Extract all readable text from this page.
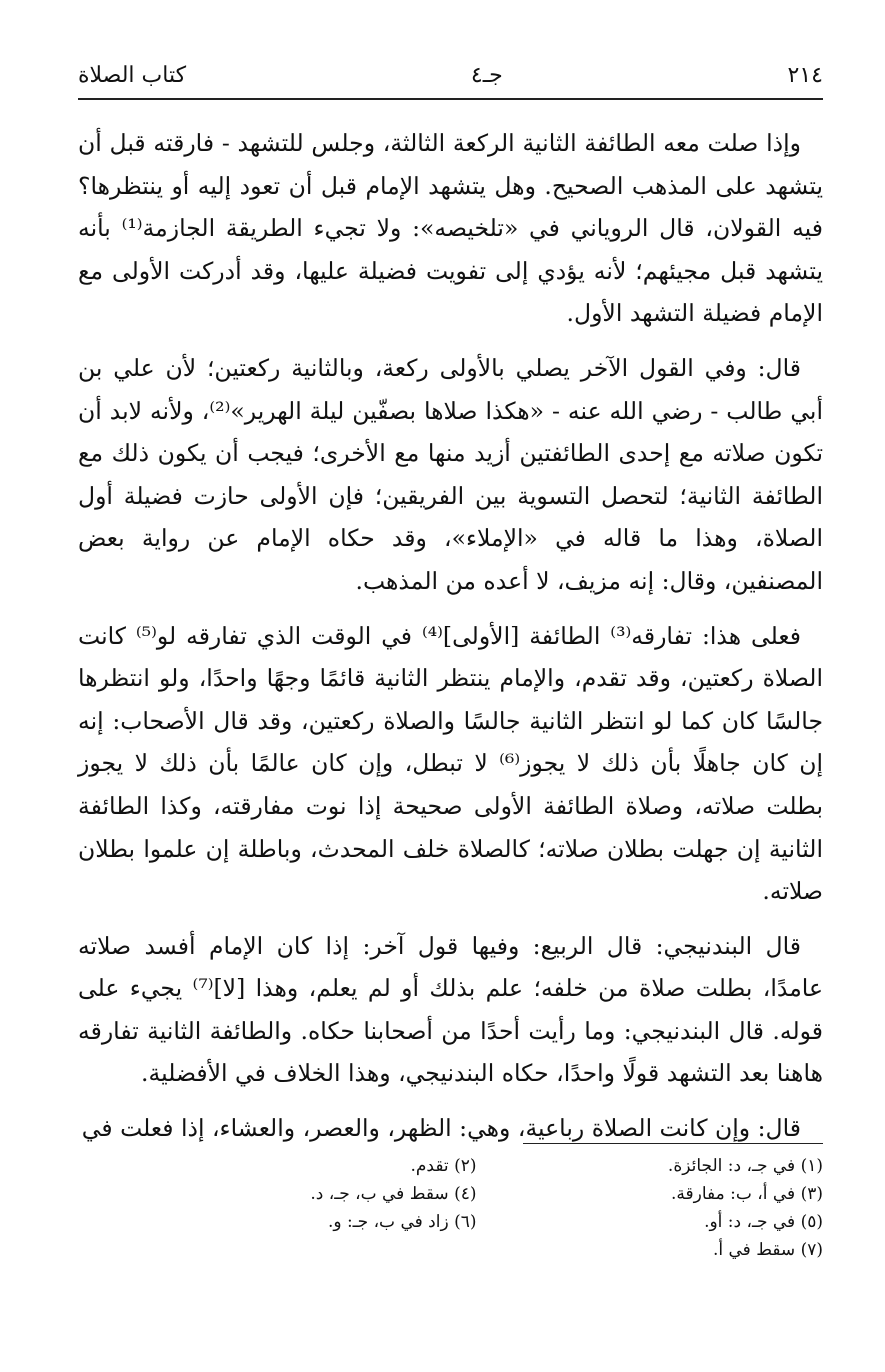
٢١٤
جـ٤
كتاب الصلاة

وإذا صلت معه الطائفة الثانية الركعة الثالثة، وجلس للتشهد - فارقته قبل أن يتشهد على المذهب الصحيح. وهل يتشهد الإمام قبل أن تعود إليه أو ينتظرها؟ فيه القولان، قال الروياني في «تلخيصه»: ولا تجيء الطريقة الجازمة⁽¹⁾ بأنه يتشهد قبل مجيئهم؛ لأنه يؤدي إلى تفويت فضيلة عليها، وقد أدركت الأولى مع الإمام فضيلة التشهد الأول.

قال: وفي القول الآخر يصلي بالأولى ركعة، وبالثانية ركعتين؛ لأن علي بن أبي طالب - رضي الله عنه - «هكذا صلاها بصفّين ليلة الهرير»⁽²⁾، ولأنه لابد أن تكون صلاته مع إحدى الطائفتين أزيد منها مع الأخرى؛ فيجب أن يكون ذلك مع الطائفة الثانية؛ لتحصل التسوية بين الفريقين؛ فإن الأولى حازت فضيلة أول الصلاة، وهذا ما قاله في «الإملاء»، وقد حكاه الإمام عن رواية بعض المصنفين، وقال: إنه مزيف، لا أعده من المذهب.

فعلى هذا: تفارقه⁽³⁾ الطائفة [الأولى]⁽⁴⁾ في الوقت الذي تفارقه لو⁽⁵⁾ كانت الصلاة ركعتين، وقد تقدم، والإمام ينتظر الثانية قائمًا وجهًا واحدًا، ولو انتظرها جالسًا كان كما لو انتظر الثانية جالسًا والصلاة ركعتين، وقد قال الأصحاب: إنه إن كان جاهلًا بأن ذلك لا يجوز⁽⁶⁾ لا تبطل، وإن كان عالمًا بأن ذلك لا يجوز بطلت صلاته، وصلاة الطائفة الأولى صحيحة إذا نوت مفارقته، وكذا الطائفة الثانية إن جهلت بطلان صلاته؛ كالصلاة خلف المحدث، وباطلة إن علموا بطلان صلاته.

قال البندنيجي: قال الربيع: وفيها قول آخر: إذا كان الإمام أفسد صلاته عامدًا، بطلت صلاة من خلفه؛ علم بذلك أو لم يعلم، وهذا [لا]⁽⁷⁾ يجيء على قوله. قال البندنيجي: وما رأيت أحدًا من أصحابنا حكاه. والطائفة الثانية تفارقه هاهنا بعد التشهد قولًا واحدًا، حكاه البندنيجي، وهذا الخلاف في الأفضلية.

قال: وإن كانت الصلاة رباعية، وهي: الظهر، والعصر، والعشاء، إذا فعلت في

(١) في جـ، د: الجائزة.
(٢) تقدم.
(٣) في أ، ب: مفارقة.
(٤) سقط في ب، جـ، د.
(٥) في جـ، د: أو.
(٦) زاد في ب، جـ: و.
(٧) سقط في أ.
